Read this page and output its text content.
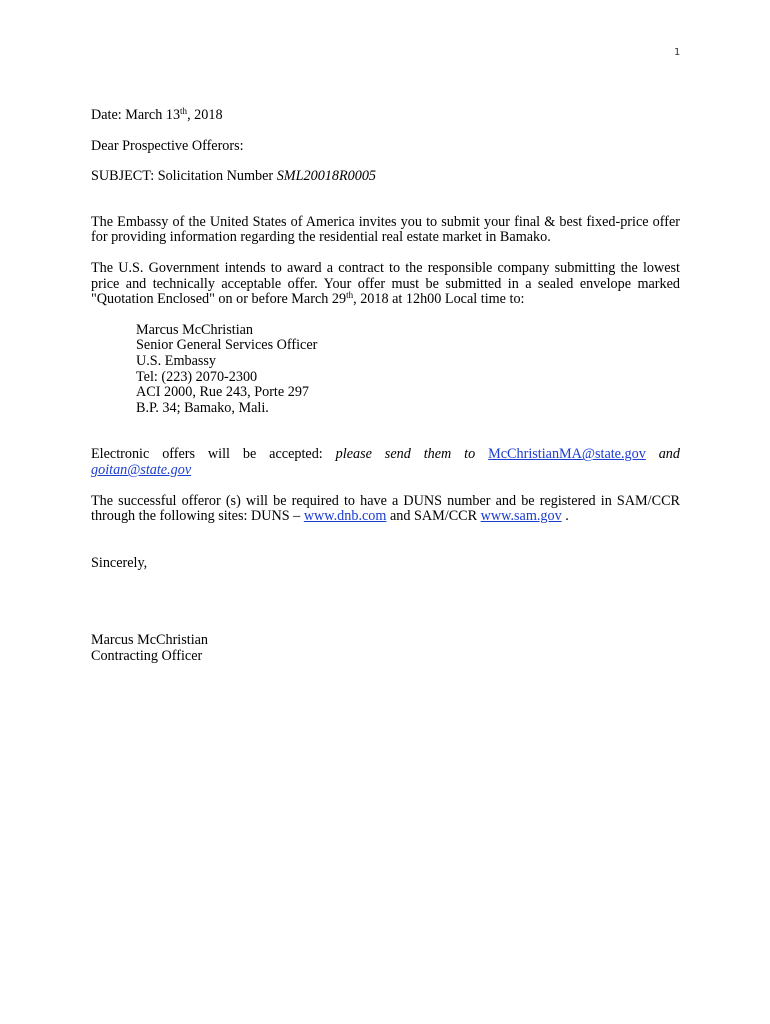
1

Date: March 13th, 2018

Dear Prospective Offerors:

SUBJECT: Solicitation Number SML20018R0005

The Embassy of the United States of America invites you to submit your final & best fixed-price offer for providing information regarding the residential real estate market in Bamako.

The U.S. Government intends to award a contract to the responsible company submitting the lowest price and technically acceptable offer. Your offer must be submitted in a sealed envelope marked "Quotation Enclosed" on or before March 29th, 2018 at 12h00 Local time to:

Marcus McChristian
Senior General Services Officer
U.S. Embassy
Tel: (223) 2070-2300
ACI 2000, Rue 243, Porte 297
B.P. 34; Bamako, Mali.

Electronic offers will be accepted: please send them to McChristianMA@state.gov and
goitan@state.gov

The successful offeror (s) will be required to have a DUNS number and be registered in SAM/CCR through the following sites: DUNS – www.dnb.com and SAM/CCR www.sam.gov .

Sincerely,

Marcus McChristian
Contracting Officer
